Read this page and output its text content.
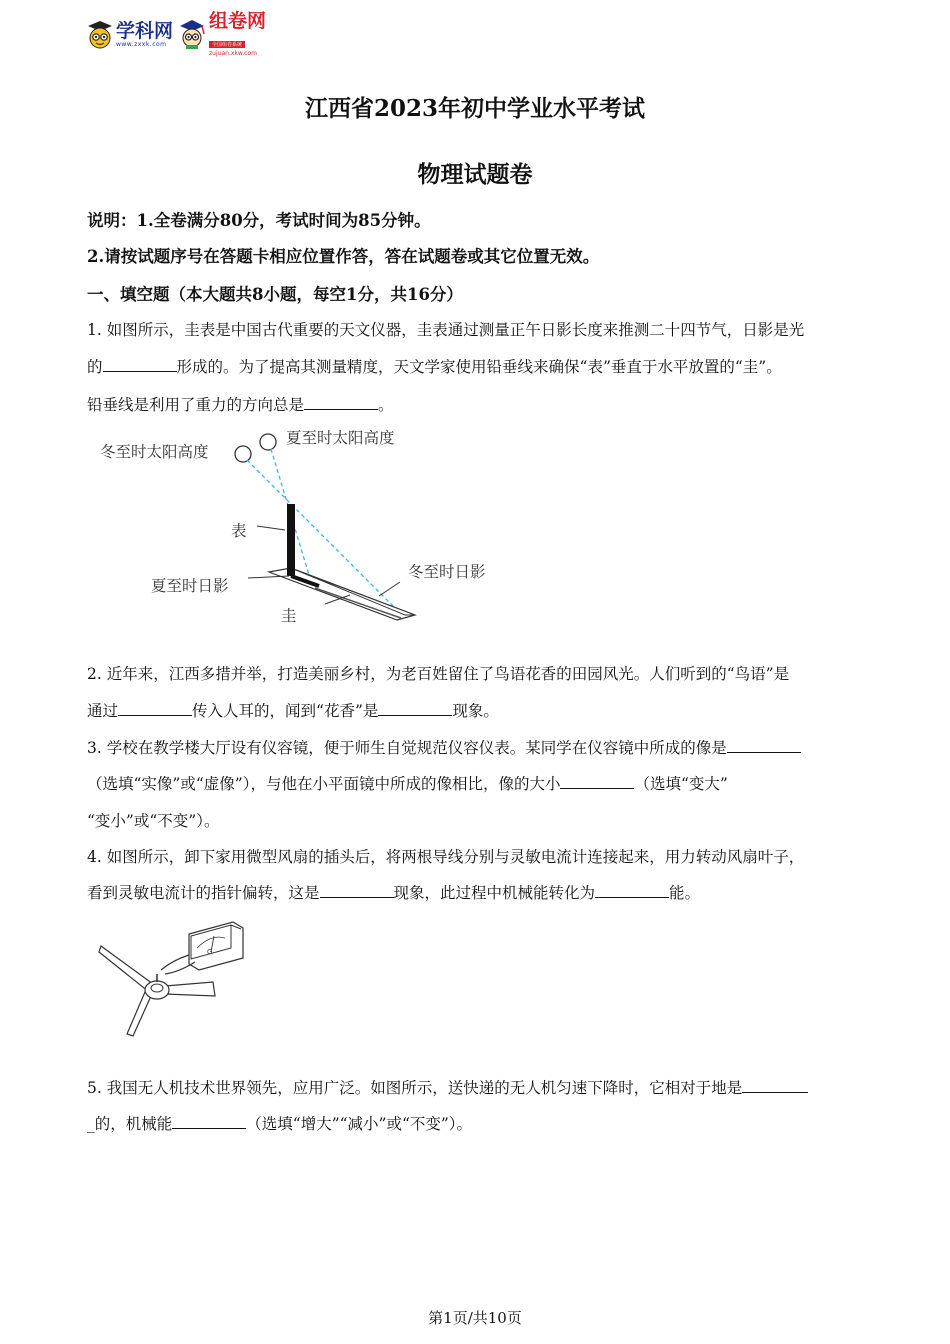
学科网
www.zxxk.com
组卷网
全国组卷系统
zujuan.xkw.com
江西省2023年初中学业水平考试
物理试题卷
说明：1.全卷满分80分，考试时间为85分钟。
2.请按试题序号在答题卡相应位置作答，答在试题卷或其它位置无效。
一、填空题（本大题共8小题，每空1分，共16分）
1. 如图所示，圭表是中国古代重要的天文仪器，圭表通过测量正午日影长度来推测二十四节气，日影是光
的	形成的。为了提高其测量精度，天文学家使用铅垂线来确保“表”垂直于水平放置的“圭”。
铅垂线是利用了重力的方向总是	。
冬至时太阳高度
夏至时太阳高度
表
夏至时日影
冬至时日影
圭
2. 近年来，江西多措并举，打造美丽乡村，为老百姓留住了鸟语花香的田园风光。人们听到的“鸟语”是
通过	传入人耳的，闻到“花香”是	现象。
3. 学校在教学楼大厅设有仪容镜，便于师生自觉规范仪容仪表。某同学在仪容镜中所成的像是
（选填“实像”或“虚像”），与他在小平面镜中所成的像相比，像的大小	（选填“变大”
“变小”或“不变”）。
4. 如图所示，卸下家用微型风扇的插头后，将两根导线分别与灵敏电流计连接起来，用力转动风扇叶子，
看到灵敏电流计的指针偏转，这是	现象，此过程中机械能转化为	能。
G
5. 我国无人机技术世界领先，应用广泛。如图所示，送快递的无人机匀速下降时，它相对于地是
_的，机械能	（选填“增大”“减小”或“不变”）。
第1页/共10页
